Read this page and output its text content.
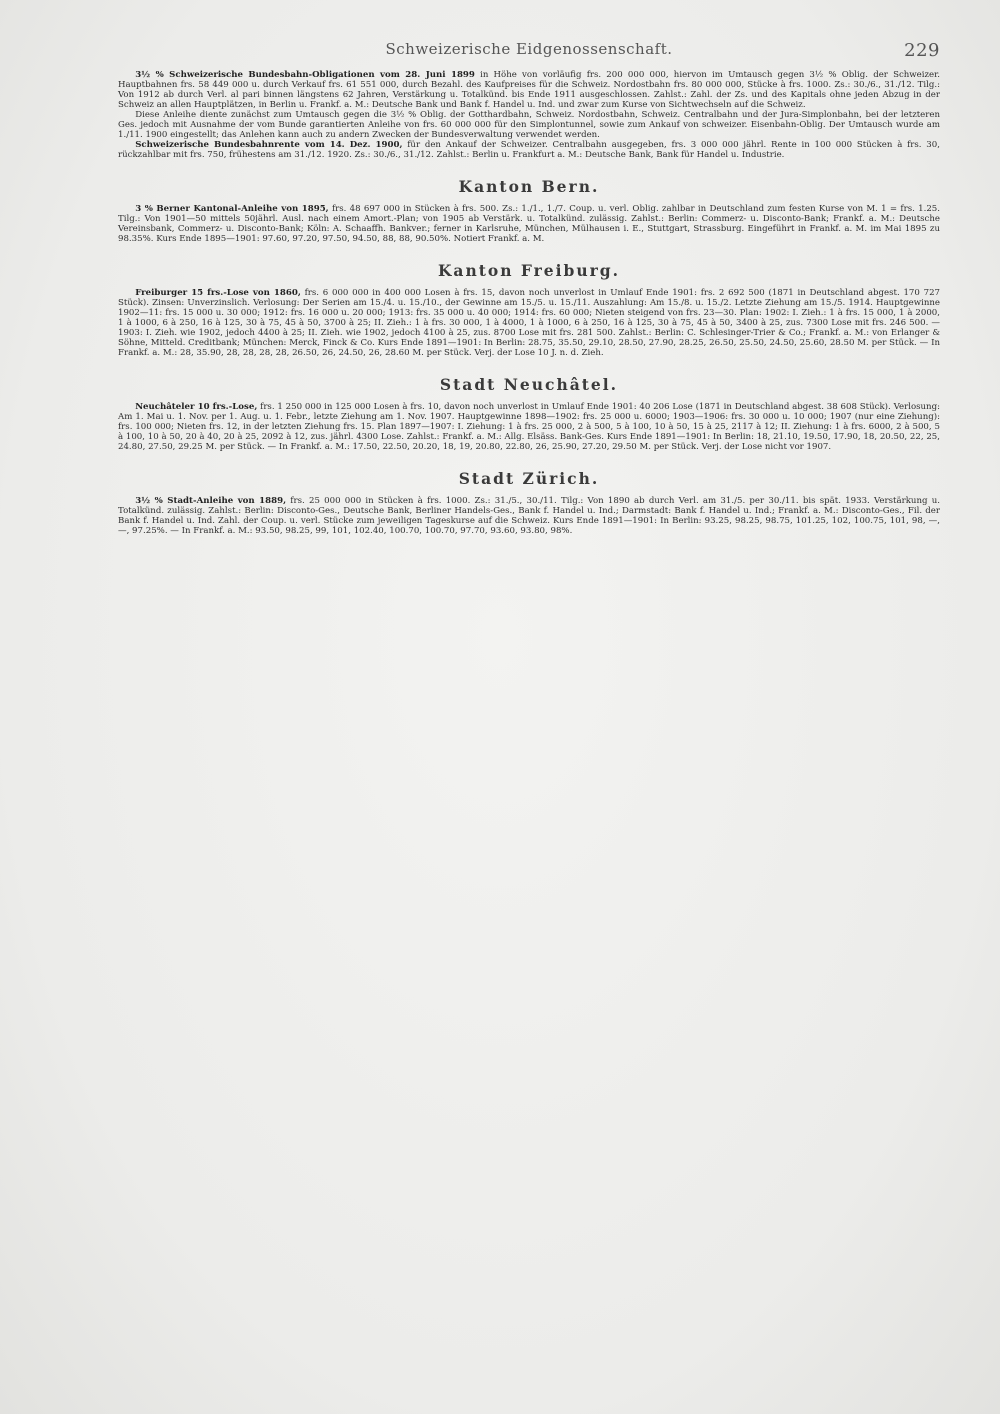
Schweizerische Eidgenossenschaft.	229

3½ % Schweizerische Bundesbahn-Obligationen vom 28. Juni 1899 in Höhe von vorläufig frs. 200 000 000, hiervon im Umtausch gegen 3½ % Oblig. der Schweizer. Hauptbahnen frs. 58 449 000 u. durch Verkauf frs. 61 551 000, durch Bezahl. des Kaufpreises für die Schweiz. Nordostbahn frs. 80 000 000, Stücke à frs. 1000. Zs.: 30./6., 31./12. Tilg.: Von 1912 ab durch Verl. al pari binnen längstens 62 Jahren, Verstärkung u. Totalkünd. bis Ende 1911 ausgeschlossen. Zahlst.: Zahl. der Zs. und des Kapitals ohne jeden Abzug in der Schweiz an allen Hauptplätzen, in Berlin u. Frankf. a. M.: Deutsche Bank und Bank f. Handel u. Ind. und zwar zum Kurse von Sichtwechseln auf die Schweiz.

Diese Anleihe diente zunächst zum Umtausch gegen die 3½ % Oblig. der Gotthardbahn, Schweiz. Nordostbahn, Schweiz. Centralbahn und der Jura-Simplonbahn, bei der letzteren Ges. jedoch mit Ausnahme der vom Bunde garantierten Anleihe von frs. 60 000 000 für den Simplontunnel, sowie zum Ankauf von schweizer. Eisenbahn-Oblig. Der Umtausch wurde am 1./11. 1900 eingestellt; das Anlehen kann auch zu andern Zwecken der Bundesverwaltung verwendet werden.

Schweizerische Bundesbahnrente vom 14. Dez. 1900, für den Ankauf der Schweizer. Centralbahn ausgegeben, frs. 3 000 000 jährl. Rente in 100 000 Stücken à frs. 30, rückzahlbar mit frs. 750, frühestens am 31./12. 1920. Zs.: 30./6., 31./12. Zahlst.: Berlin u. Frankfurt a. M.: Deutsche Bank, Bank für Handel u. Industrie.

Kanton Bern.

3 % Berner Kantonal-Anleihe von 1895, frs. 48 697 000 in Stücken à frs. 500. Zs.: 1./1., 1./7. Coup. u. verl. Oblig. zahlbar in Deutschland zum festen Kurse von M. 1 = frs. 1.25. Tilg.: Von 1901—50 mittels 50jährl. Ausl. nach einem Amort.-Plan; von 1905 ab Verstärk. u. Totalkünd. zulässig. Zahlst.: Berlin: Commerz- u. Disconto-Bank; Frankf. a. M.: Deutsche Vereinsbank, Commerz- u. Disconto-Bank; Köln: A. Schaaffh. Bankver.; ferner in Karlsruhe, München, Mülhausen i. E., Stuttgart, Strassburg. Eingeführt in Frankf. a. M. im Mai 1895 zu 98.35%. Kurs Ende 1895—1901: 97.60, 97.20, 97.50, 94.50, 88, 88, 90.50%. Notiert Frankf. a. M.

Kanton Freiburg.

Freiburger 15 frs.-Lose von 1860, frs. 6 000 000 in 400 000 Losen à frs. 15, davon noch unverlost in Umlauf Ende 1901: frs. 2 692 500 (1871 in Deutschland abgest. 170 727 Stück). Zinsen: Unverzinslich. Verlosung: Der Serien am 15./4. u. 15./10., der Gewinne am 15./5. u. 15./11. Auszahlung: Am 15./8. u. 15./2. Letzte Ziehung am 15./5. 1914. Hauptgewinne 1902—11: frs. 15 000 u. 30 000; 1912: frs. 16 000 u. 20 000; 1913: frs. 35 000 u. 40 000; 1914: frs. 60 000; Nieten steigend von frs. 23—30. Plan: 1902: I. Zieh.: 1 à frs. 15 000, 1 à 2000, 1 à 1000, 6 à 250, 16 à 125, 30 à 75, 45 à 50, 3700 à 25; II. Zieh.: 1 à frs. 30 000, 1 à 4000, 1 à 1000, 6 à 250, 16 à 125, 30 à 75, 45 à 50, 3400 à 25, zus. 7300 Lose mit frs. 246 500. — 1903: I. Zieh. wie 1902, jedoch 4400 à 25; II. Zieh. wie 1902, jedoch 4100 à 25, zus. 8700 Lose mit frs. 281 500. Zahlst.: Berlin: C. Schlesinger-Trier & Co.; Frankf. a. M.: von Erlanger & Söhne, Mitteld. Creditbank; München: Merck, Finck & Co. Kurs Ende 1891—1901: In Berlin: 28.75, 35.50, 29.10, 28.50, 27.90, 28.25, 26.50, 25.50, 24.50, 25.60, 28.50 M. per Stück. — In Frankf. a. M.: 28, 35.90, 28, 28, 28, 28, 26.50, 26, 24.50, 26, 28.60 M. per Stück. Verj. der Lose 10 J. n. d. Zieh.

Stadt Neuchâtel.

Neuchâteler 10 frs.-Lose, frs. 1 250 000 in 125 000 Losen à frs. 10, davon noch unverlost in Umlauf Ende 1901: 40 206 Lose (1871 in Deutschland abgest. 38 608 Stück). Verlosung: Am 1. Mai u. 1. Nov. per 1. Aug. u. 1. Febr., letzte Ziehung am 1. Nov. 1907. Hauptgewinne 1898—1902: frs. 25 000 u. 6000; 1903—1906: frs. 30 000 u. 10 000; 1907 (nur eine Ziehung): frs. 100 000; Nieten frs. 12, in der letzten Ziehung frs. 15. Plan 1897—1907: I. Ziehung: 1 à frs. 25 000, 2 à 500, 5 à 100, 10 à 50, 15 à 25, 2117 à 12; II. Ziehung: 1 à frs. 6000, 2 à 500, 5 à 100, 10 à 50, 20 à 40, 20 à 25, 2092 à 12, zus. jährl. 4300 Lose. Zahlst.: Frankf. a. M.: Allg. Elsäss. Bank-Ges. Kurs Ende 1891—1901: In Berlin: 18, 21.10, 19.50, 17.90, 18, 20.50, 22, 25, 24.80, 27.50, 29.25 M. per Stück. — In Frankf. a. M.: 17.50, 22.50, 20.20, 18, 19, 20.80, 22.80, 26, 25.90, 27.20, 29.50 M. per Stück. Verj. der Lose nicht vor 1907.

Stadt Zürich.

3½ % Stadt-Anleihe von 1889, frs. 25 000 000 in Stücken à frs. 1000. Zs.: 31./5., 30./11. Tilg.: Von 1890 ab durch Verl. am 31./5. per 30./11. bis spät. 1933. Verstärkung u. Totalkünd. zulässig. Zahlst.: Berlin: Disconto-Ges., Deutsche Bank, Berliner Handels-Ges., Bank f. Handel u. Ind.; Darmstadt: Bank f. Handel u. Ind.; Frankf. a. M.: Disconto-Ges., Fil. der Bank f. Handel u. Ind. Zahl. der Coup. u. verl. Stücke zum jeweiligen Tageskurse auf die Schweiz. Kurs Ende 1891—1901: In Berlin: 93.25, 98.25, 98.75, 101.25, 102, 100.75, 101, 98, —, —, 97.25%. — In Frankf. a. M.: 93.50, 98.25, 99, 101, 102.40, 100.70, 100.70, 97.70, 93.60, 93.80, 98%.
